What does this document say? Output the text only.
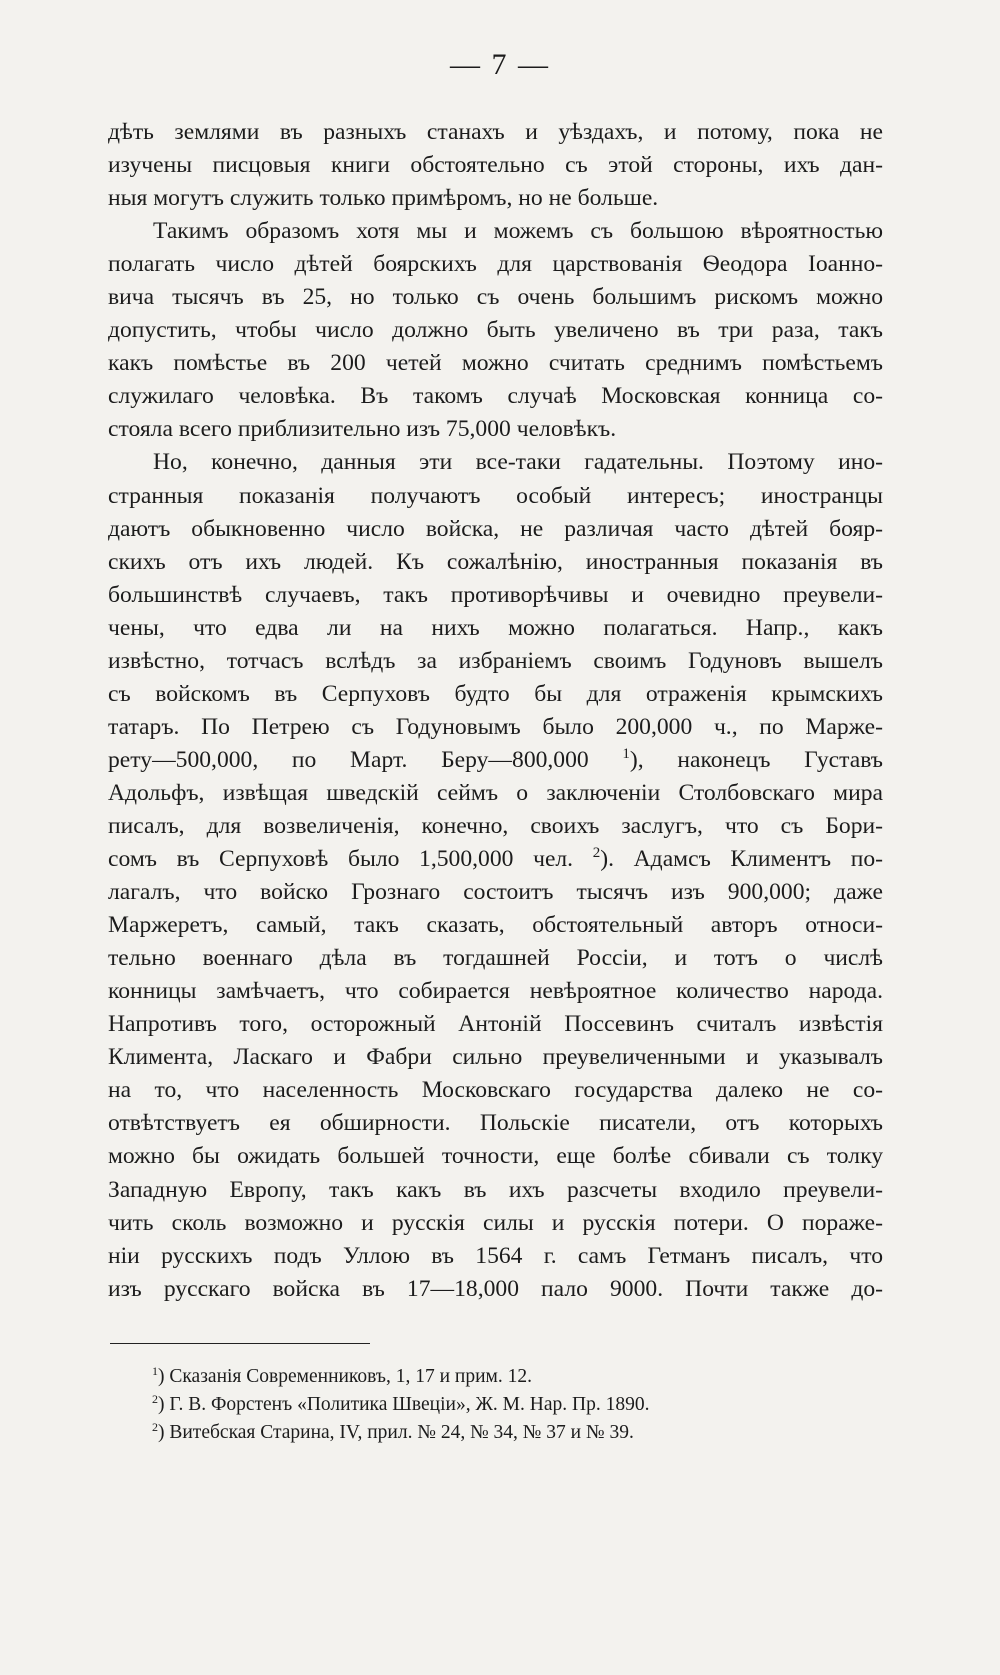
— 7 —
дѣть землями въ разныхъ станахъ и уѣздахъ, и потому, пока не
изучены писцовыя книги обстоятельно съ этой стороны, ихъ дан-
ныя могутъ служить только примѣромъ, но не больше.
Такимъ образомъ хотя мы и можемъ съ большою вѣроятностью
полагать число дѣтей боярскихъ для царствованія Ѳеодора Іоанно-
вича тысячъ въ 25, но только съ очень большимъ рискомъ можно
допустить, чтобы число должно быть увеличено въ три раза, такъ
какъ помѣстье въ 200 четей можно считать среднимъ помѣстьемъ
служилаго человѣка. Въ такомъ случаѣ Московская конница со-
стояла всего приблизительно изъ 75,000 человѣкъ.
Но, конечно, данныя эти все-таки гадательны. Поэтому ино-
странныя показанія получаютъ особый интересъ; иностранцы
даютъ обыкновенно число войска, не различая часто дѣтей бояр-
скихъ отъ ихъ людей. Къ сожалѣнію, иностранныя показанія въ
большинствѣ случаевъ, такъ противорѣчивы и очевидно преувели-
чены, что едва ли на нихъ можно полагаться. Напр., какъ
извѣстно, тотчасъ вслѣдъ за избраніемъ своимъ Годуновъ вышелъ
съ войскомъ въ Серпуховъ будто бы для отраженія крымскихъ
татаръ. По Петрею съ Годуновымъ было 200,000 ч., по Марже-
рету—500,000, по Март. Беру—800,000 $^1$), наконецъ Густавъ
Адольфъ, извѣщая шведскій сеймъ о заключеніи Столбовскаго мира
писалъ, для возвеличенія, конечно, своихъ заслугъ, что съ Бори-
сомъ въ Серпуховѣ было 1,500,000 чел. $^2$). Адамсъ Климентъ по-
лагалъ, что войско Грознаго состоитъ тысячъ изъ 900,000; даже
Маржеретъ, самый, такъ сказать, обстоятельный авторъ относи-
тельно военнаго дѣла въ тогдашней Россіи, и тотъ о числѣ
конницы замѣчаетъ, что собирается невѣроятное количество народа.
Напротивъ того, осторожный Антоній Поссевинъ считалъ извѣстія
Климента, Ласкаго и Фабри сильно преувеличенными и указывалъ
на то, что населенность Московскаго государства далеко не со-
отвѣтствуетъ ея обширности. Польскіе писатели, отъ которыхъ
можно бы ожидать большей точности, еще болѣе сбивали съ толку
Западную Европу, такъ какъ въ ихъ разсчеты входило преувели-
чить сколь возможно и русскія силы и русскія потери. О пораже-
ніи русскихъ подъ Уллою въ 1564 г. самъ Гетманъ писалъ, что
изъ русскаго войска въ 17—18,000 пало 9000. Почти также до-
$^1$) Сказанія Современниковъ, 1, 17 и прим. 12.
$^2$) Г. В. Форстенъ «Политика Швеціи», Ж. М. Нар. Пр. 1890.
$^2$) Витебская Старина, IV, прил. № 24, № 34, № 37 и № 39.
